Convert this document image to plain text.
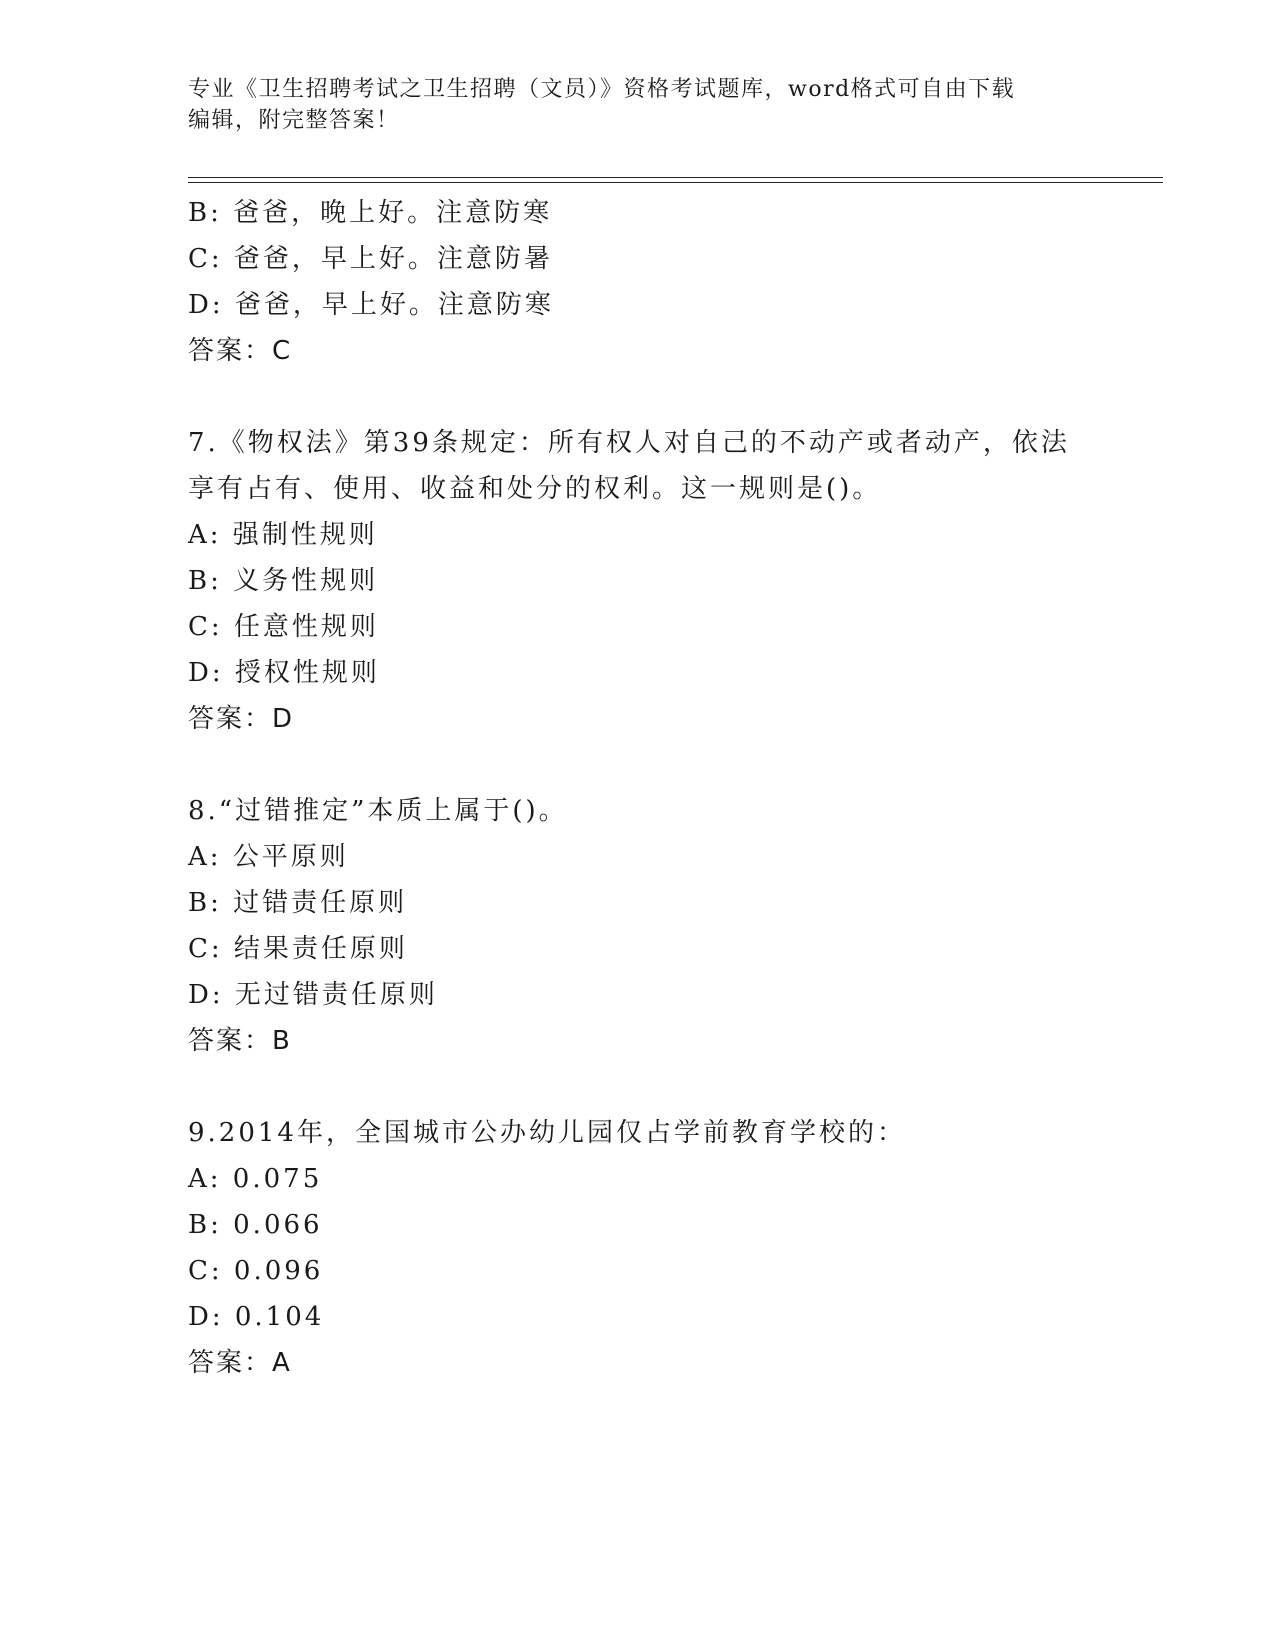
专业《卫生招聘考试之卫生招聘（文员）》资格考试题库，word格式可自由下载
编辑，附完整答案！
B: 爸爸，晚上好。注意防寒
C: 爸爸，早上好。注意防暑
D: 爸爸，早上好。注意防寒
答案：C
7.《物权法》第39条规定：所有权人对自己的不动产或者动产，依法
享有占有、使用、收益和处分的权利。这一规则是()。
A: 强制性规则
B: 义务性规则
C: 任意性规则
D: 授权性规则
答案：D
8.“过错推定”本质上属于()。
A: 公平原则
B: 过错责任原则
C: 结果责任原则
D: 无过错责任原则
答案：B
9.2014年，全国城市公办幼儿园仅占学前教育学校的：
A: 0.075
B: 0.066
C: 0.096
D: 0.104
答案：A
